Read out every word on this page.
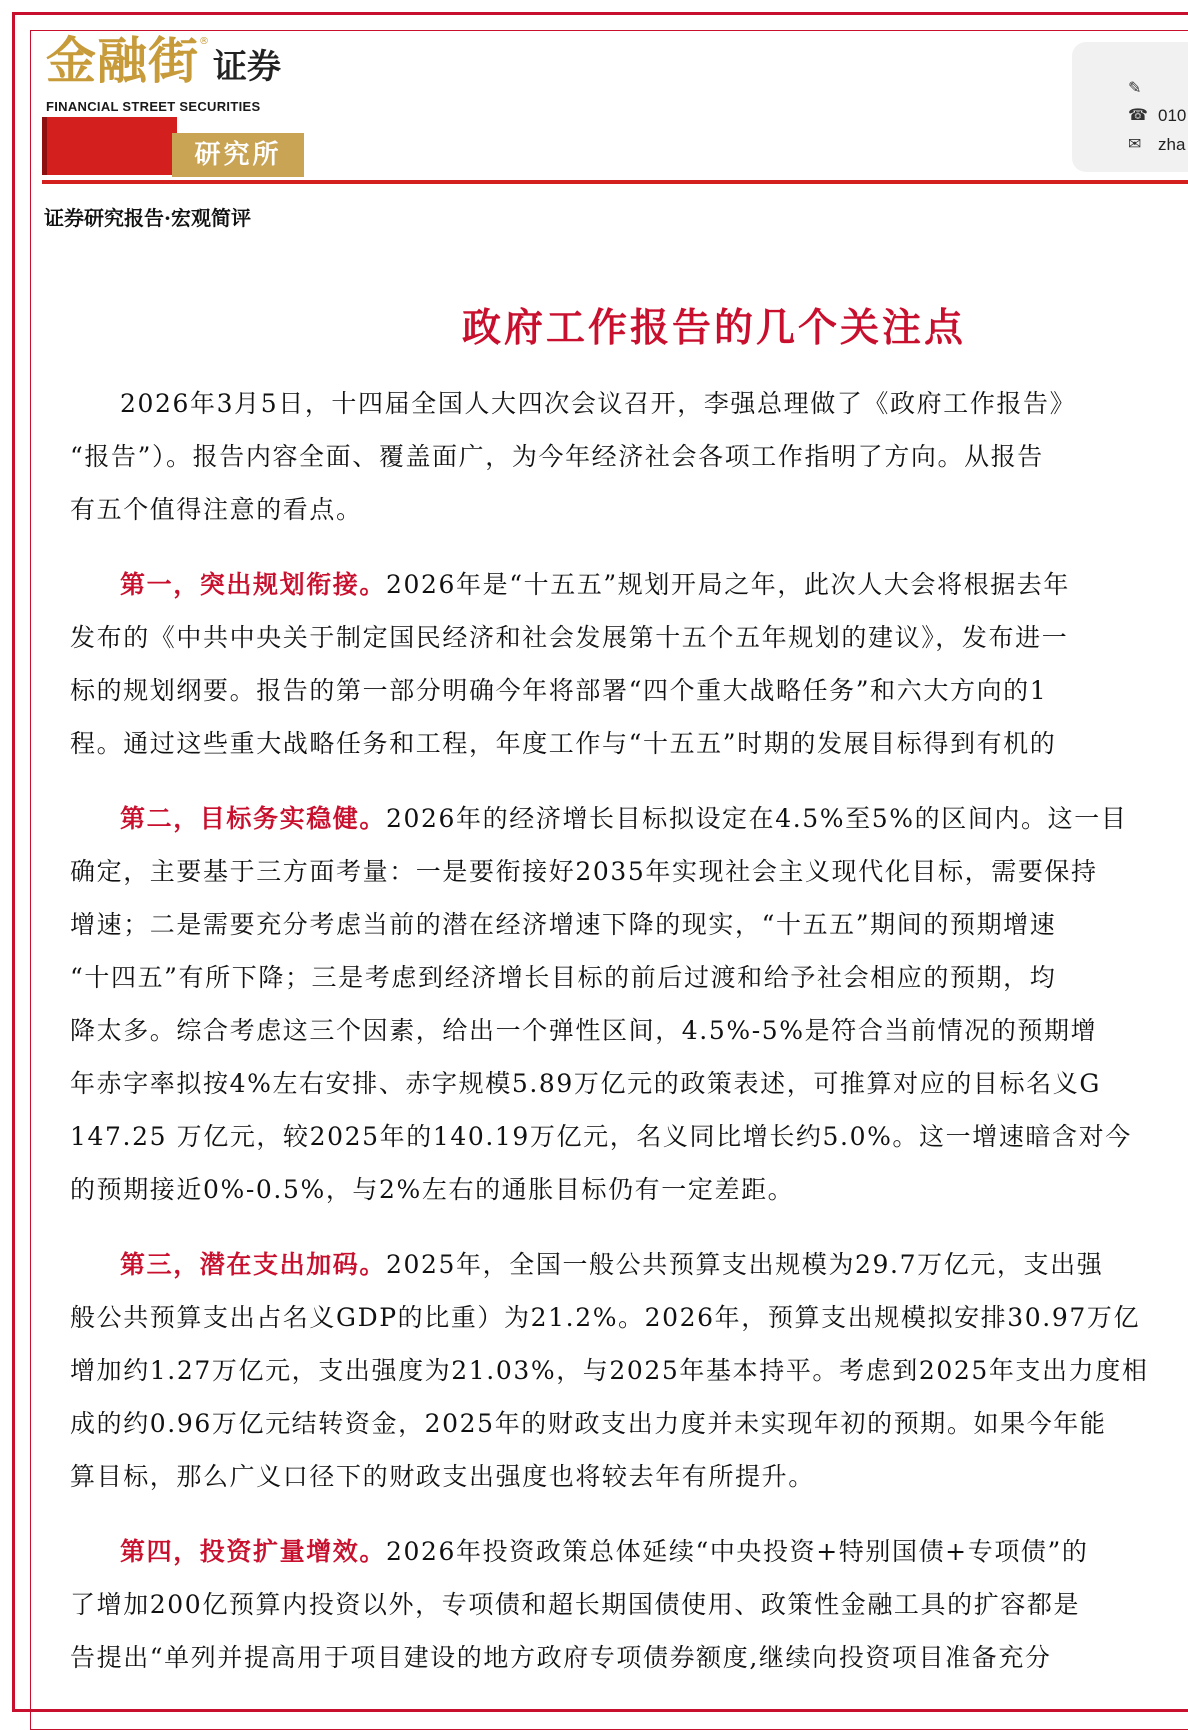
金融街®证券
FINANCIAL STREET SECURITIES
研究所
✎
☎ 010
✉ zha
证券研究报告·宏观简评
政府工作报告的几个关注点

2026年3月5日，十四届全国人大四次会议召开，李强总理做了《政府工作报告》
“报告”）。报告内容全面、覆盖面广，为今年经济社会各项工作指明了方向。从报告
有五个值得注意的看点。

第一，突出规划衔接。2026年是“十五五”规划开局之年，此次人大会将根据去年
发布的《中共中央关于制定国民经济和社会发展第十五个五年规划的建议》，发布进一
标的规划纲要。报告的第一部分明确今年将部署“四个重大战略任务”和六大方向的1
程。通过这些重大战略任务和工程，年度工作与“十五五”时期的发展目标得到有机的

第二，目标务实稳健。2026年的经济增长目标拟设定在4.5%至5%的区间内。这一目
确定，主要基于三方面考量：一是要衔接好2035年实现社会主义现代化目标，需要保持
增速；二是需要充分考虑当前的潜在经济增速下降的现实，“十五五”期间的预期增速
“十四五”有所下降；三是考虑到经济增长目标的前后过渡和给予社会相应的预期，均
降太多。综合考虑这三个因素，给出一个弹性区间，4.5%-5%是符合当前情况的预期增
年赤字率拟按4%左右安排、赤字规模5.89万亿元的政策表述，可推算对应的目标名义G
147.25 万亿元，较2025年的140.19万亿元，名义同比增长约5.0%。这一增速暗含对今
的预期接近0%-0.5%，与2%左右的通胀目标仍有一定差距。

第三，潜在支出加码。2025年，全国一般公共预算支出规模为29.7万亿元，支出强
般公共预算支出占名义GDP的比重）为21.2%。2026年，预算支出规模拟安排30.97万亿
增加约1.27万亿元，支出强度为21.03%，与2025年基本持平。考虑到2025年支出力度相
成的约0.96万亿元结转资金，2025年的财政支出力度并未实现年初的预期。如果今年能
算目标，那么广义口径下的财政支出强度也将较去年有所提升。

第四，投资扩量增效。2026年投资政策总体延续“中央投资+特别国债+专项债”的
了增加200亿预算内投资以外，专项债和超长期国债使用、政策性金融工具的扩容都是
告提出“单列并提高用于项目建设的地方政府专项债券额度,继续向投资项目准备充分
